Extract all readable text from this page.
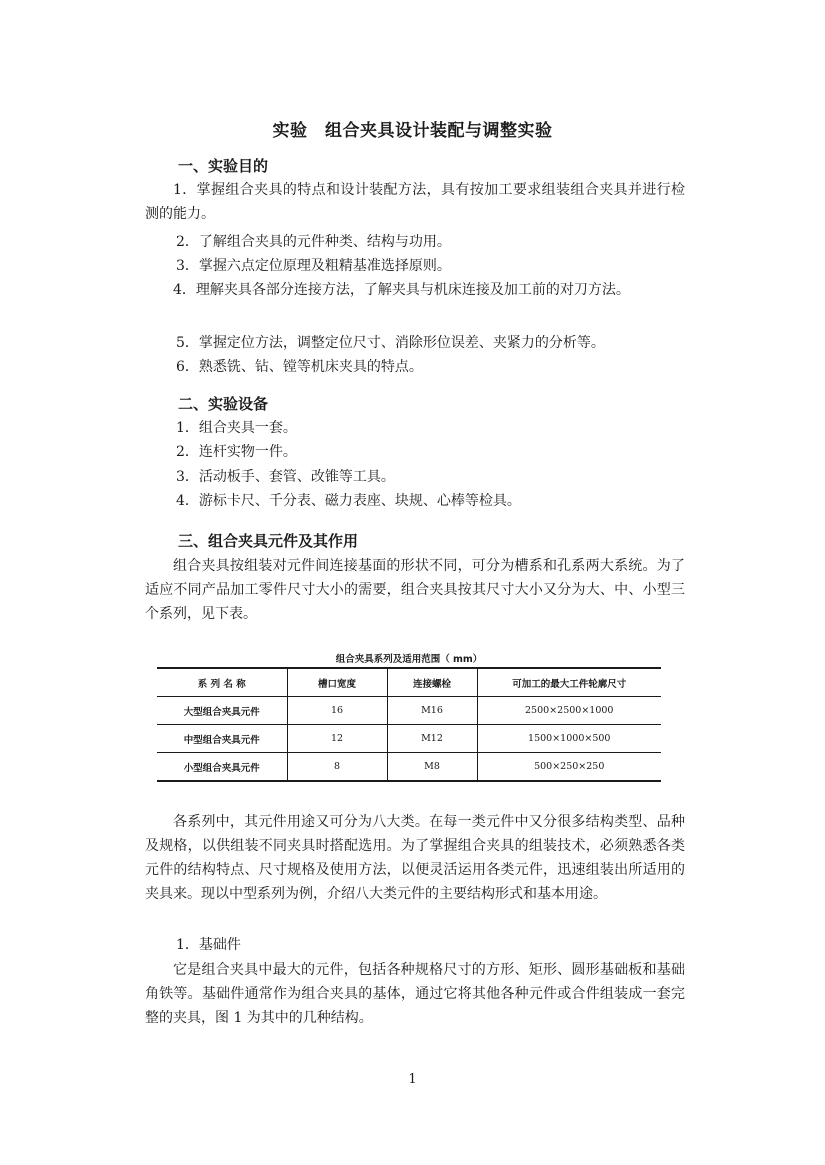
实验　组合夹具设计装配与调整实验
一、实验目的

1．掌握组合夹具的特点和设计装配方法，具有按加工要求组装组合夹具并进行检测的能力。

2．了解组合夹具的元件种类、结构与功用。
3．掌握六点定位原理及粗精基准选择原则。

4．理解夹具各部分连接方法，了解夹具与机床连接及加工前的对刀方法。

5．掌握定位方法，调整定位尺寸、消除形位误差、夹紧力的分析等。
6．熟悉铣、钻、镗等机床夹具的特点。
二、实验设备
1．组合夹具一套。
2．连杆实物一件。
3．活动板手、套管、改锥等工具。
4．游标卡尺、千分表、磁力表座、块规、心棒等检具。
三、组合夹具元件及其作用

组合夹具按组装对元件间连接基面的形状不同，可分为槽系和孔系两大系统。为了适应不同产品加工零件尺寸大小的需要，组合夹具按其尺寸大小又分为大、中、小型三个系列，见下表。

组合夹具系列及适用范围（ mm）
系 列 名 称	槽口宽度	连接螺栓	可加工的最大工件轮廓尺寸
大型组合夹具元件	16	M16	2500×2500×1000
中型组合夹具元件	12	M12	1500×1000×500
小型组合夹具元件	8	M8	500×250×250

各系列中，其元件用途又可分为八大类。在每一类元件中又分很多结构类型、品种及规格，以供组装不同夹具时搭配选用。为了掌握组合夹具的组装技术，必须熟悉各类元件的结构特点、尺寸规格及使用方法，以便灵活运用各类元件，迅速组装出所适用的夹具来。现以中型系列为例，介绍八大类元件的主要结构形式和基本用途。

1．基础件

它是组合夹具中最大的元件，包括各种规格尺寸的方形、矩形、圆形基础板和基础角铁等。基础件通常作为组合夹具的基体，通过它将其他各种元件或合件组装成一套完整的夹具，图 1 为其中的几种结构。

1
